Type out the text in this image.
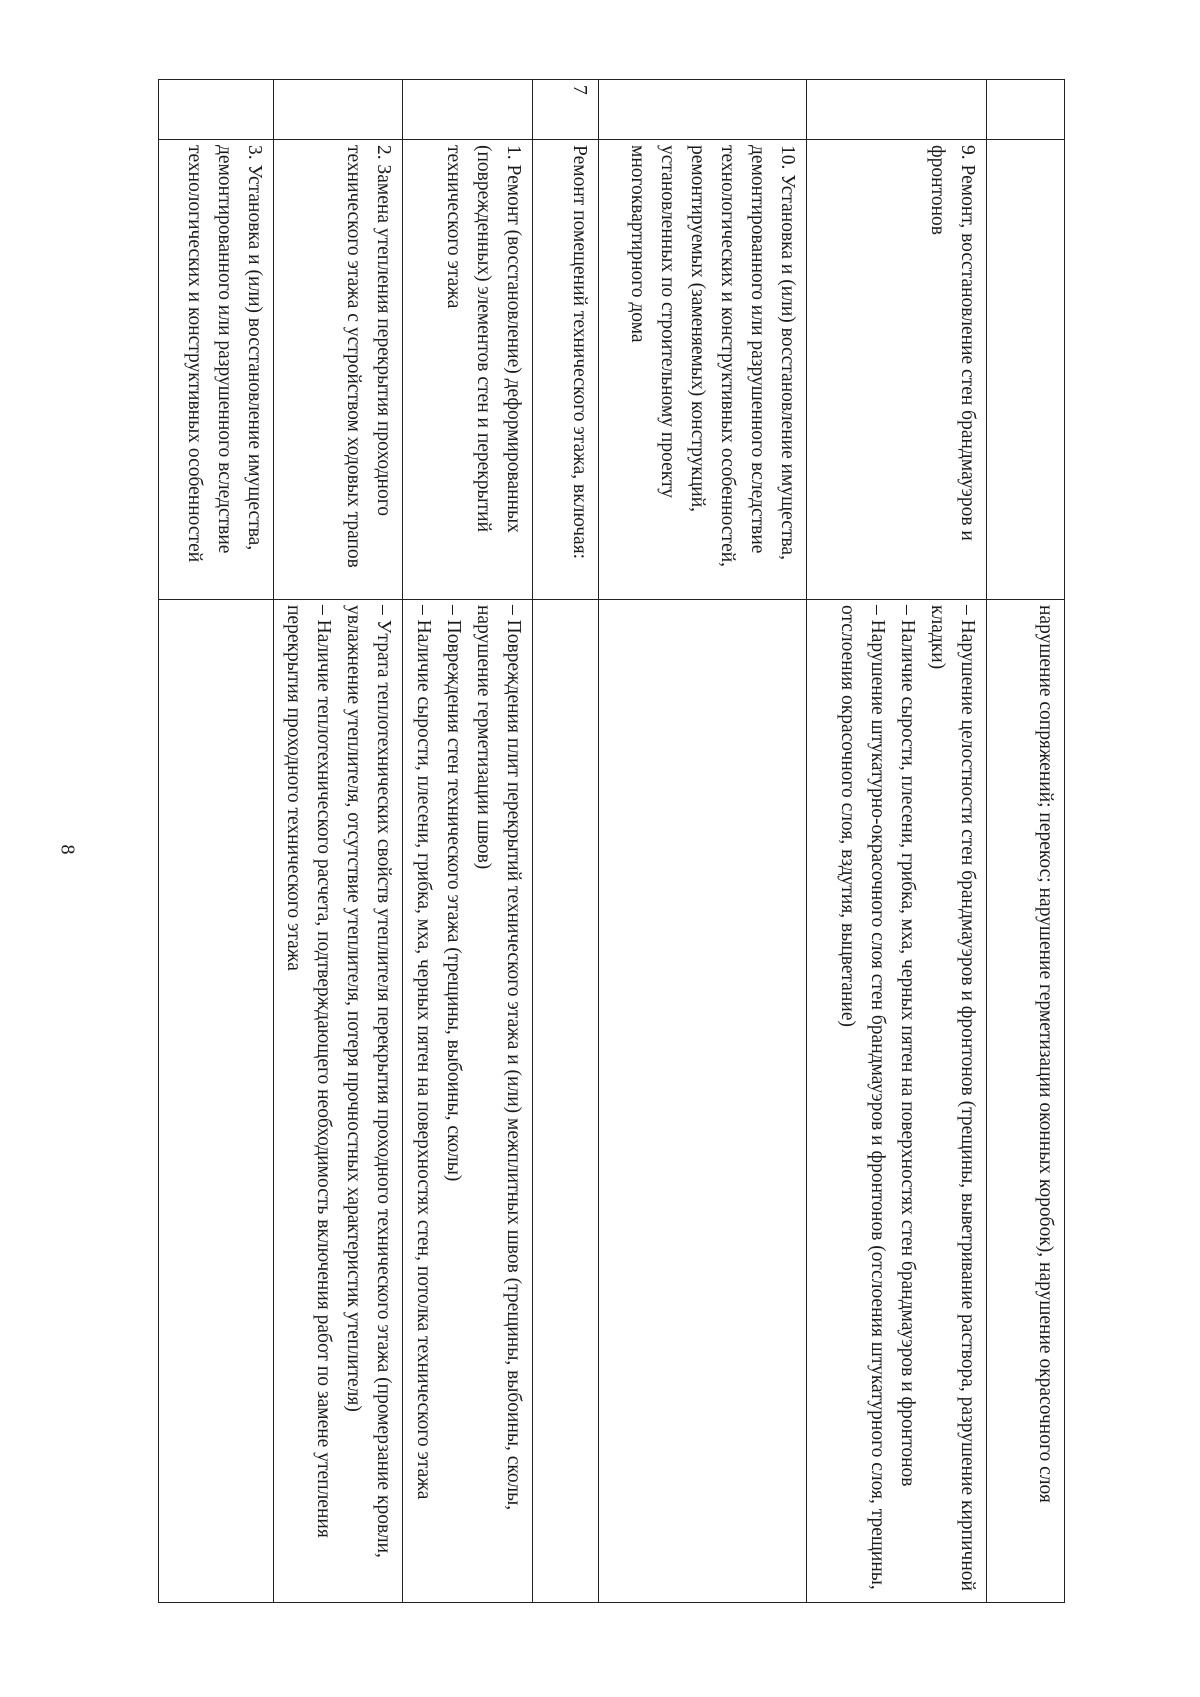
8
			нарушение сопряжений; перекос; нарушение герметизации оконных коробок), нарушение окрасочного слоя
	9. Ремонт, восстановление стен брандмауэров и фронтонов	– Нарушение целостности стен брандмауэров и фронтонов (трещины, выветривание раствора, разрушение кирпичной кладки)
– Наличие сырости, плесени, грибка, мха, черных пятен на поверхностях стен брандмауэров и фронтонов
– Нарушение штукатурно-окрасочного слоя стен брандмауэров и фронтонов (отслоения штукатурного слоя, трещины, отслоения окрасочного слоя, вздутия, выцветание)
	10. Установка и (или) восстановление имущества, демонтированного или разрушенного вследствие технологических и конструктивных особенностей, ремонтируемых (заменяемых) конструкций, установленных по строительному проекту многоквартирного дома	
7	Ремонт помещений технического этажа, включая:	
	1. Ремонт (восстановление) деформированных (поврежденных) элементов стен и перекрытий технического этажа	– Повреждения плит перекрытий технического этажа и (или) межплитных швов (трещины, выбоины, сколы, нарушение герметизации швов)
– Повреждения стен технического этажа (трещины, выбоины, сколы)
– Наличие сырости, плесени, грибка, мха, черных пятен на поверхностях стен, потолка технического этажа
	2. Замена утепления перекрытия проходного технического этажа с устройством ходовых трапов	– Утрата теплотехнических свойств утеплителя перекрытия проходного технического этажа (промерзание кровли, увлажнение утеплителя, отсутствие утеплителя, потеря прочностных характеристик утеплителя)
– Наличие теплотехнического расчета, подтверждающего необходимость включения работ по замене утепления перекрытия проходного технического этажа
	3. Установка и (или) восстановление имущества, демонтированного или разрушенного вследствие технологических и конструктивных особенностей	
